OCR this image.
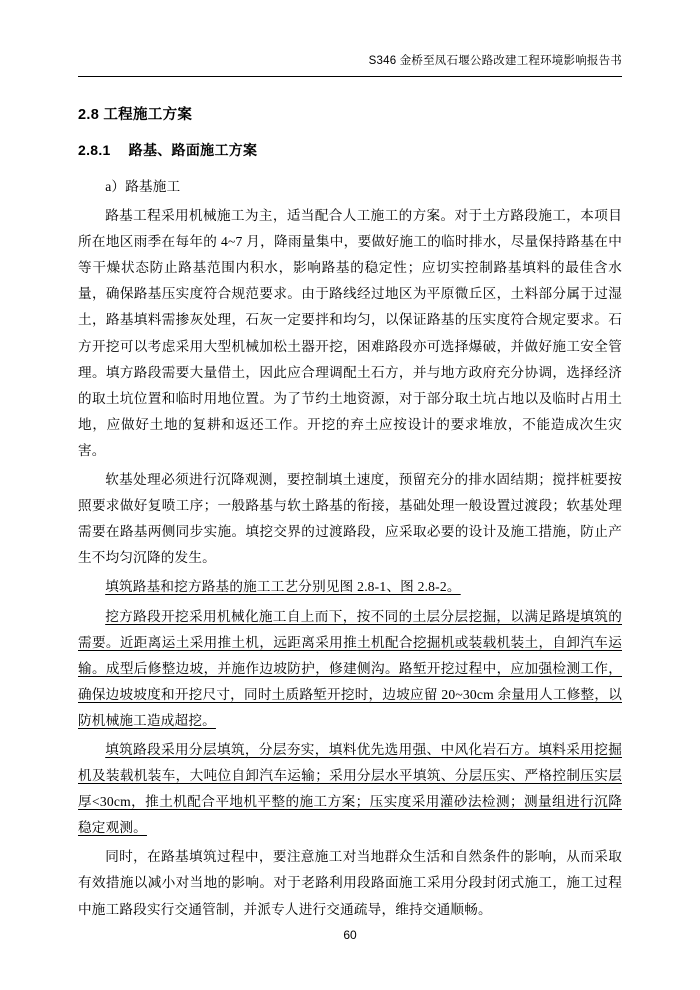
S346 金桥至凤石堰公路改建工程环境影响报告书
2.8 工程施工方案
2.8.1 路基、路面施工方案

a）路基施工

路基工程采用机械施工为主，适当配合人工施工的方案。对于土方路段施工，本项目所在地区雨季在每年的 4~7 月，降雨量集中，要做好施工的临时排水，尽量保持路基在中等干燥状态防止路基范围内积水，影响路基的稳定性；应切实控制路基填料的最佳含水量，确保路基压实度符合规范要求。由于路线经过地区为平原微丘区，土料部分属于过湿土，路基填料需掺灰处理，石灰一定要拌和均匀，以保证路基的压实度符合规定要求。石方开挖可以考虑采用大型机械加松土器开挖，困难路段亦可选择爆破，并做好施工安全管理。填方路段需要大量借土，因此应合理调配土石方，并与地方政府充分协调，选择经济的取土坑位置和临时用地位置。为了节约土地资源，对于部分取土坑占地以及临时占用土地，应做好土地的复耕和返还工作。开挖的弃土应按设计的要求堆放，不能造成次生灾害。

软基处理必须进行沉降观测，要控制填土速度，预留充分的排水固结期；搅拌桩要按照要求做好复喷工序；一般路基与软土路基的衔接，基础处理一般设置过渡段；软基处理需要在路基两侧同步实施。填挖交界的过渡路段，应采取必要的设计及施工措施，防止产生不均匀沉降的发生。

填筑路基和挖方路基的施工工艺分别见图 2.8-1、图 2.8-2。

挖方路段开挖采用机械化施工自上而下，按不同的土层分层挖掘，以满足路堤填筑的需要。近距离运土采用推土机，远距离采用推土机配合挖掘机或装载机装土，自卸汽车运输。成型后修整边坡，并施作边坡防护，修建侧沟。路堑开挖过程中，应加强检测工作，确保边坡坡度和开挖尺寸，同时土质路堑开挖时，边坡应留 20~30cm 余量用人工修整，以防机械施工造成超挖。

填筑路段采用分层填筑，分层夯实，填料优先选用强、中风化岩石方。填料采用挖掘机及装载机装车，大吨位自卸汽车运输；采用分层水平填筑、分层压实、严格控制压实层厚<30cm，推土机配合平地机平整的施工方案；压实度采用灌砂法检测；测量组进行沉降稳定观测。

同时，在路基填筑过程中，要注意施工对当地群众生活和自然条件的影响，从而采取有效措施以减小对当地的影响。对于老路利用段路面施工采用分段封闭式施工，施工过程中施工路段实行交通管制，并派专人进行交通疏导，维持交通顺畅。

60
